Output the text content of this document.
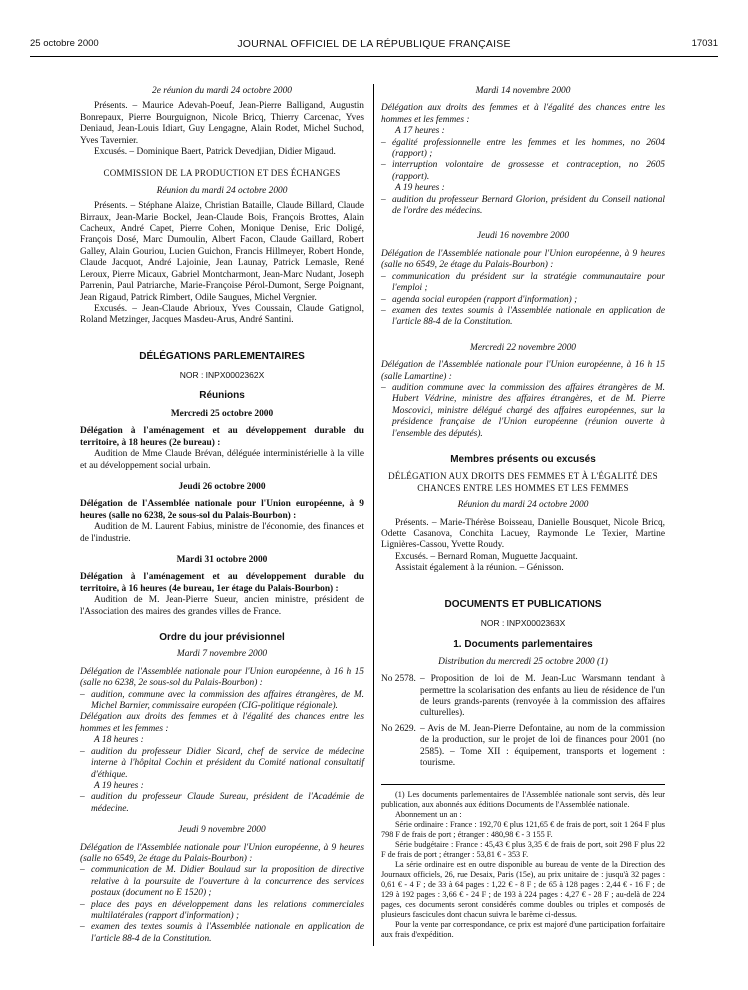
25 octobre 2000	JOURNAL OFFICIEL DE LA RÉPUBLIQUE FRANÇAISE	17031

2e réunion du mardi 24 octobre 2000

Présents. – Maurice Adevah-Poeuf, Jean-Pierre Balligand, Augustin Bonrepaux, Pierre Bourguignon, Nicole Bricq, Thierry Carcenac, Yves Deniaud, Jean-Louis Idiart, Guy Lengagne, Alain Rodet, Michel Suchod, Yves Tavernier.

Excusés. – Dominique Baert, Patrick Devedjian, Didier Migaud.

COMMISSION DE LA PRODUCTION ET DES ÉCHANGES

Réunion du mardi 24 octobre 2000

Présents. – Stéphane Alaize, Christian Bataille, Claude Billard, Claude Birraux, Jean-Marie Bockel, Jean-Claude Bois, François Brottes, Alain Cacheux, André Capet, Pierre Cohen, Monique Denise, Eric Doligé, François Dosé, Marc Dumoulin, Albert Facon, Claude Gaillard, Robert Galley, Alain Gouriou, Lucien Guichon, Francis Hillmeyer, Robert Honde, Claude Jacquot, André Lajoinie, Jean Launay, Patrick Lemasle, René Leroux, Pierre Micaux, Gabriel Montcharmont, Jean-Marc Nudant, Joseph Parrenin, Paul Patriarche, Marie-Françoise Pérol-Dumont, Serge Poignant, Jean Rigaud, Patrick Rimbert, Odile Saugues, Michel Vergnier.

Excusés. – Jean-Claude Abrioux, Yves Coussain, Claude Gatignol, Roland Metzinger, Jacques Masdeu-Arus, André Santini.

DÉLÉGATIONS PARLEMENTAIRES

NOR : INPX0002362X

Réunions

Mercredi 25 octobre 2000

Délégation à l'aménagement et au développement durable du territoire, à 18 heures (2e bureau) :

Audition de Mme Claude Brévan, déléguée interministérielle à la ville et au développement social urbain.

Jeudi 26 octobre 2000

Délégation de l'Assemblée nationale pour l'Union européenne, à 9 heures (salle no 6238, 2e sous-sol du Palais-Bourbon) :

Audition de M. Laurent Fabius, ministre de l'économie, des finances et de l'industrie.

Mardi 31 octobre 2000

Délégation à l'aménagement et au développement durable du territoire, à 16 heures (4e bureau, 1er étage du Palais-Bourbon) :

Audition de M. Jean-Pierre Sueur, ancien ministre, président de l'Association des maires des grandes villes de France.

Ordre du jour prévisionnel

Mardi 7 novembre 2000

Délégation de l'Assemblée nationale pour l'Union européenne, à 16 h 15 (salle no 6238, 2e sous-sol du Palais-Bourbon) :

– audition, commune avec la commission des affaires étrangères, de M. Michel Barnier, commissaire européen (CIG-politique régionale).

Délégation aux droits des femmes et à l'égalité des chances entre les hommes et les femmes :

A 18 heures :

– audition du professeur Didier Sicard, chef de service de médecine interne à l'hôpital Cochin et président du Comité national consultatif d'éthique.

A 19 heures :

– audition du professeur Claude Sureau, président de l'Académie de médecine.

Jeudi 9 novembre 2000

Délégation de l'Assemblée nationale pour l'Union européenne, à 9 heures (salle no 6549, 2e étage du Palais-Bourbon) :

– communication de M. Didier Boulaud sur la proposition de directive relative à la poursuite de l'ouverture à la concurrence des services postaux (document no E 1520) ;

– place des pays en développement dans les relations commerciales multilatérales (rapport d'information) ;

– examen des textes soumis à l'Assemblée nationale en application de l'article 88-4 de la Constitution.

Mardi 14 novembre 2000

Délégation aux droits des femmes et à l'égalité des chances entre les hommes et les femmes :

A 17 heures :

– égalité professionnelle entre les femmes et les hommes, no 2604 (rapport) ;

– interruption volontaire de grossesse et contraception, no 2605 (rapport).

A 19 heures :

– audition du professeur Bernard Glorion, président du Conseil national de l'ordre des médecins.

Jeudi 16 novembre 2000

Délégation de l'Assemblée nationale pour l'Union européenne, à 9 heures (salle no 6549, 2e étage du Palais-Bourbon) :

– communication du président sur la stratégie communautaire pour l'emploi ;

– agenda social européen (rapport d'information) ;

– examen des textes soumis à l'Assemblée nationale en application de l'article 88-4 de la Constitution.

Mercredi 22 novembre 2000

Délégation de l'Assemblée nationale pour l'Union européenne, à 16 h 15 (salle Lamartine) :

– audition commune avec la commission des affaires étrangères de M. Hubert Védrine, ministre des affaires étrangères, et de M. Pierre Moscovici, ministre délégué chargé des affaires européennes, sur la présidence française de l'Union européenne (réunion ouverte à l'ensemble des députés).

Membres présents ou excusés

DÉLÉGATION AUX DROITS DES FEMMES ET À L'ÉGALITÉ DES CHANCES ENTRE LES HOMMES ET LES FEMMES

Réunion du mardi 24 octobre 2000

Présents. – Marie-Thérèse Boisseau, Danielle Bousquet, Nicole Bricq, Odette Casanova, Conchita Lacuey, Raymonde Le Texier, Martine Lignières-Cassou, Yvette Roudy.

Excusés. – Bernard Roman, Muguette Jacquaint.

Assistait également à la réunion. – Génisson.

DOCUMENTS ET PUBLICATIONS

NOR : INPX0002363X

1. Documents parlementaires

Distribution du mercredi 25 octobre 2000 (1)

No 2578. – Proposition de loi de M. Jean-Luc Warsmann tendant à permettre la scolarisation des enfants au lieu de résidence de l'un de leurs grands-parents (renvoyée à la commission des affaires culturelles).

No 2629. – Avis de M. Jean-Pierre Defontaine, au nom de la commission de la production, sur le projet de loi de finances pour 2001 (no 2585). – Tome XII : équipement, transports et logement : tourisme.

(1) Les documents parlementaires de l'Assemblée nationale sont servis, dès leur publication, aux abonnés aux éditions Documents de l'Assemblée nationale.

Abonnement un an :

Série ordinaire : France : 192,70 € plus 121,65 € de frais de port, soit 1 264 F plus 798 F de frais de port ; étranger : 480,98 € - 3 155 F.

Série budgétaire : France : 45,43 € plus 3,35 € de frais de port, soit 298 F plus 22 F de frais de port ; étranger : 53,81 € - 353 F.

La série ordinaire est en outre disponible au bureau de vente de la Direction des Journaux officiels, 26, rue Desaix, Paris (15e), au prix unitaire de : jusqu'à 32 pages : 0,61 € - 4 F ; de 33 à 64 pages : 1,22 € - 8 F ; de 65 à 128 pages : 2,44 € - 16 F ; de 129 à 192 pages : 3,66 € - 24 F ; de 193 à 224 pages : 4,27 € - 28 F ; au-delà de 224 pages, ces documents seront considérés comme doubles ou triples et composés de plusieurs fascicules dont chacun suivra le barème ci-dessus.

Pour la vente par correspondance, ce prix est majoré d'une participation forfaitaire aux frais d'expédition.
